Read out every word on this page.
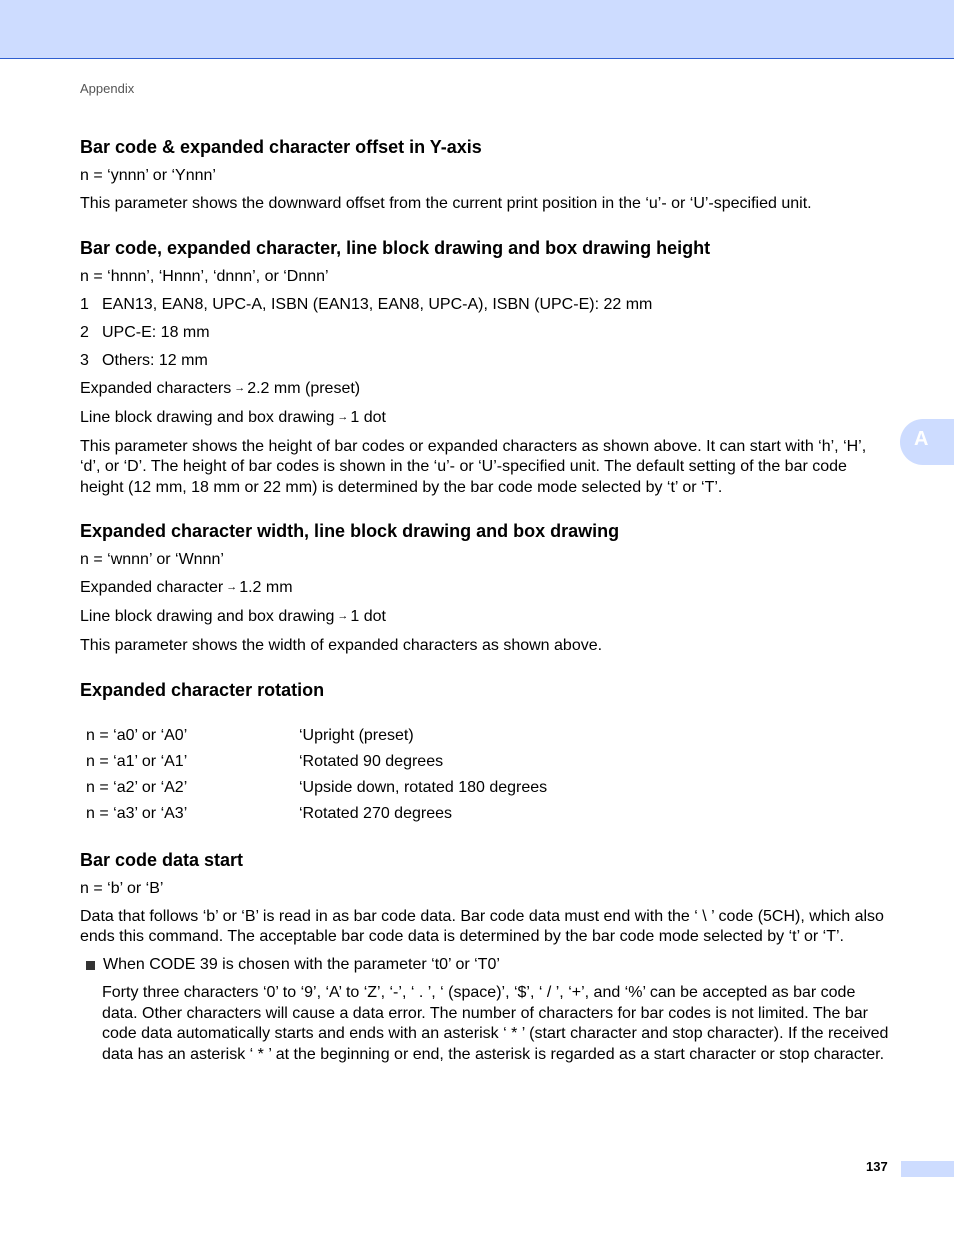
Appendix
A
Bar code & expanded character offset in Y-axis

n = ‘ynnn’ or ‘Ynnn’

This parameter shows the downward offset from the current print position in the ‘u’- or ‘U’-specified unit.

Bar code, expanded character, line block drawing and box drawing height

n = ‘hnnn’, ‘Hnnn’, ‘dnnn’, or ‘Dnnn’

1 EAN13, EAN8, UPC-A, ISBN (EAN13, EAN8, UPC-A), ISBN (UPC-E): 22 mm
2 UPC-E: 18 mm
3 Others: 12 mm

Expanded characters → 2.2 mm (preset)

Line block drawing and box drawing → 1 dot

This parameter shows the height of bar codes or expanded characters as shown above. It can start with ‘h’, ‘H’, ‘d’, or ‘D’. The height of bar codes is shown in the ‘u’- or ‘U’-specified unit. The default setting of the bar code height (12 mm, 18 mm or 22 mm) is determined by the bar code mode selected by ‘t’ or ‘T’.

Expanded character width, line block drawing and box drawing

n = ‘wnnn’ or ‘Wnnn’

Expanded character → 1.2 mm

Line block drawing and box drawing → 1 dot

This parameter shows the width of expanded characters as shown above.

Expanded character rotation
n = ‘a0’ or ‘A0’	‘Upright (preset)
n = ‘a1’ or ‘A1’	‘Rotated 90 degrees
n = ‘a2’ or ‘A2’	‘Upside down, rotated 180 degrees
n = ‘a3’ or ‘A3’	‘Rotated 270 degrees
Bar code data start

n = ‘b’ or ‘B’

Data that follows ‘b’ or ‘B’ is read in as bar code data. Bar code data must end with the ‘ \ ’ code (5CH), which also ends this command. The acceptable bar code data is determined by the bar code mode selected by ‘t’ or ‘T’.

When CODE 39 is chosen with the parameter ‘t0’ or ‘T0’

Forty three characters ‘0’ to ‘9’, ‘A’ to ‘Z’, ‘-’, ‘ . ’, ‘ (space)’, ‘$’, ‘ / ’, ‘+’, and ‘%’ can be accepted as bar code data. Other characters will cause a data error. The number of characters for bar codes is not limited. The bar code data automatically starts and ends with an asterisk ‘ * ’ (start character and stop character). If the received data has an asterisk ‘ * ’ at the beginning or end, the asterisk is regarded as a start character or stop character.

137
